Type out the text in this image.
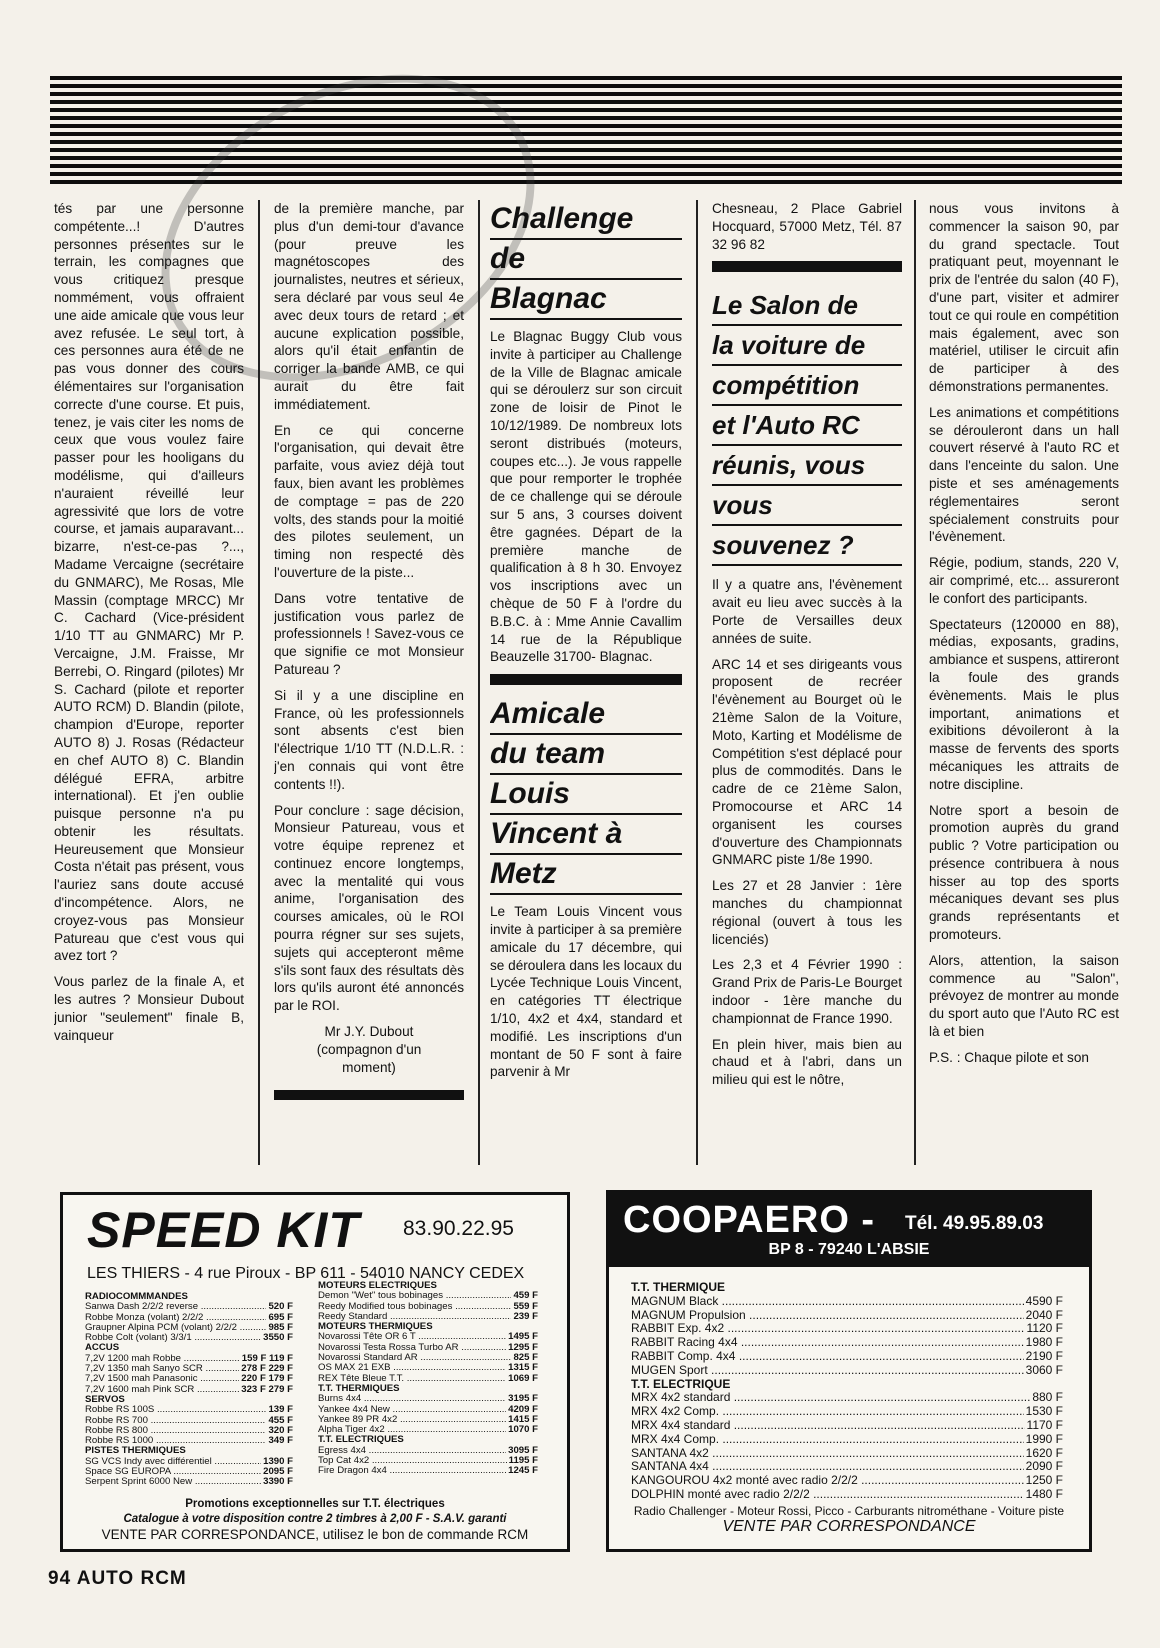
tés par une personne compétente...! D'autres personnes présentes sur le terrain, les compagnes que vous critiquez presque nommément, vous offraient une aide amicale que vous leur avez refusée. Le seul tort, à ces personnes aura été de ne pas vous donner des cours élémentaires sur l'organisation correcte d'une course. Et puis, tenez, je vais citer les noms de ceux que vous voulez faire passer pour les hooligans du modélisme, qui d'ailleurs n'auraient réveillé leur agressivité que lors de votre course, et jamais auparavant... bizarre, n'est-ce-pas ?..., Madame Vercaigne (secrétaire du GNMARC), Me Rosas, Mle Massin (comptage MRCC) Mr C. Cachard (Vice-président 1/10 TT au GNMARC) Mr P. Vercaigne, J.M. Fraisse, Mr Berrebi, O. Ringard (pilotes) Mr S. Cachard (pilote et reporter AUTO RCM) D. Blandin (pilote, champion d'Europe, reporter AUTO 8) J. Rosas (Rédacteur en chef AUTO 8) C. Blandin délégué EFRA, arbitre international). Et j'en oublie puisque personne n'a pu obtenir les résultats. Heureusement que Monsieur Costa n'était pas présent, vous l'auriez sans doute accusé d'incompétence. Alors, ne croyez-vous pas Monsieur Patureau que c'est vous qui avez tort ?

Vous parlez de la finale A, et les autres ? Monsieur Dubout junior "seulement" finale B, vainqueur

de la première manche, par plus d'un demi-tour d'avance (pour preuve les magnétoscopes des journalistes, neutres et sérieux, sera déclaré par vous seul 4e avec deux tours de retard ; et aucune explication possible, alors qu'il était enfantin de corriger la bande AMB, ce qui aurait du être fait immédiatement.

En ce qui concerne l'organisation, qui devait être parfaite, vous aviez déjà tout faux, bien avant les problèmes de comptage = pas de 220 volts, des stands pour la moitié des pilotes seulement, un timing non respecté dès l'ouverture de la piste...

Dans votre tentative de justification vous parlez de professionnels ! Savez-vous ce que signifie ce mot Monsieur Patureau ?

Si il y a une discipline en France, où les professionnels sont absents c'est bien l'électrique 1/10 TT (N.D.L.R. : j'en connais qui vont être contents !!).

Pour conclure : sage décision, Monsieur Patureau, vous et votre équipe reprenez et continuez encore longtemps, avec la mentalité qui vous anime, l'organisation des courses amicales, où le ROI pourra régner sur ses sujets, sujets qui accepteront même s'ils sont faux des résultats dès lors qu'ils auront été annoncés par le ROI.

Mr J.Y. Dubout
(compagnon d'un
moment)
Challenge
de
Blagnac

Le Blagnac Buggy Club vous invite à participer au Challenge de la Ville de Blagnac amicale qui se déroulerz sur son circuit zone de loisir de Pinot le 10/12/1989. De nombreux lots seront distribués (moteurs, coupes etc...). Je vous rappelle que pour remporter le trophée de ce challenge qui se déroule sur 5 ans, 3 courses doivent être gagnées. Départ de la première manche de qualification à 8 h 30. Envoyez vos inscriptions avec un chèque de 50 F à l'ordre du B.B.C. à : Mme Annie Cavallim 14 rue de la République Beauzelle 31700- Blagnac.

Amicale
du team
Louis
Vincent à
Metz

Le Team Louis Vincent vous invite à participer à sa première amicale du 17 décembre, qui se déroulera dans les locaux du Lycée Technique Louis Vincent, en catégories TT électrique 1/10, 4x2 et 4x4, standard et modifié. Les inscriptions d'un montant de 50 F sont à faire parvenir à Mr

Chesneau, 2 Place Gabriel Hocquard, 57000 Metz, Tél. 87 32 96 82

Le Salon de
la voiture de
compétition
et l'Auto RC
réunis, vous
vous
souvenez ?

Il y a quatre ans, l'évènement avait eu lieu avec succès à la Porte de Versailles deux années de suite.

ARC 14 et ses dirigeants vous proposent de recréer l'évènement au Bourget où le 21ème Salon de la Voiture, Moto, Karting et Modélisme de Compétition s'est déplacé pour plus de commodités. Dans le cadre de ce 21ème Salon, Promocourse et ARC 14 organisent les courses d'ouverture des Championnats GNMARC piste 1/8e 1990.

Les 27 et 28 Janvier : 1ère manches du championnat régional (ouvert à tous les licenciés)

Les 2,3 et 4 Février 1990 : Grand Prix de Paris-Le Bourget indoor - 1ère manche du championnat de France 1990.

En plein hiver, mais bien au chaud et à l'abri, dans un milieu qui est le nôtre,

nous vous invitons à commencer la saison 90, par du grand spectacle. Tout pratiquant peut, moyennant le prix de l'entrée du salon (40 F), d'une part, visiter et admirer tout ce qui roule en compétition mais également, avec son matériel, utiliser le circuit afin de participer à des démonstrations permanentes.

Les animations et compétitions se dérouleront dans un hall couvert réservé à l'auto RC et dans l'enceinte du salon. Une piste et ses aménagements réglementaires seront spécialement construits pour l'évènement.

Régie, podium, stands, 220 V, air comprimé, etc... assureront le confort des participants.

Spectateurs (120000 en 88), médias, exposants, gradins, ambiance et suspens, attireront la foule des grands évènements. Mais le plus important, animations et exibitions dévoileront à la masse de fervents des sports mécaniques les attraits de notre discipline.

Notre sport a besoin de promotion auprès du grand public ? Votre participation ou présence contribuera à nous hisser au top des sports mécaniques devant ses plus grands représentants et promoteurs.

Alors, attention, la saison commence au "Salon", prévoyez de montrer au monde du sport auto que l'Auto RC est là et bien

P.S. : Chaque pilote et son

SPEED KIT 83.90.22.95
LES THIERS - 4 rue Piroux - BP 611 - 54010 NANCY CEDEX
RADIOCOMMMANDES
Sanwa Dash 2/2/2 reverse .....	520 F
Robbe Monza (volant) 2/2/2 .....	695 F
Graupner Alpina PCM (volant) 2/2/2 .....	985 F
Robbe Colt (volant) 3/3/1 .....	3550 F
ACCUS
7,2V 1200 mah Robbe .....	159 F 119 F
7,2V 1350 mah Sanyo SCR .....	278 F 229 F
7,2V 1500 mah Panasonic .....	220 F 179 F
7,2V 1600 mah Pink SCR .....	323 F 279 F
SERVOS
Robbe RS 100S .....	139 F
Robbe RS 700 .....	455 F
Robbe RS 800 .....	320 F
Robbe RS 1000 .....	349 F
PISTES THERMIQUES
SG VCS Indy avec différentiel .....	1390 F
Space SG EUROPA .....	2095 F
Serpent Sprint 6000 New .....	3390 F
MOTEURS ELECTRIQUES
Demon "Wet" tous bobinages .....	459 F
Reedy Modified tous bobinages .....	559 F
Reedy Standard .....	239 F
MOTEURS THERMIQUES
Novarossi Tête OR 6 T .....	1495 F
Novarossi Testa Rossa Turbo AR .....	1295 F
Novarossi Standard AR .....	825 F
OS MAX 21 EXB .....	1315 F
REX Tête Bleue T.T. .....	1069 F
T.T. THERMIQUES
Burns 4x4 .....	3195 F
Yankee 4x4 New .....	4209 F
Yankee 89 PR 4x2 .....	1415 F
Alpha Tiger 4x2 .....	1070 F
T.T. ELECTRIQUES
Egress 4x4 .....	3095 F
Top Cat 4x2 .....	1195 F
Fire Dragon 4x4 .....	1245 F
Promotions exceptionnelles sur T.T. électriques
Catalogue à votre disposition contre 2 timbres à 2,00 F - S.A.V. garanti
VENTE PAR CORRESPONDANCE, utilisez le bon de commande RCM
COOPAERO - Tél. 49.95.89.03
BP 8 - 79240 L'ABSIE
T.T. THERMIQUE
MAGNUM Black .....	4590 F
MAGNUM Propulsion .....	2040 F
RABBIT Exp. 4x2 .....	1120 F
RABBIT Racing 4x4 .....	1980 F
RABBIT Comp. 4x4 .....	2190 F
MUGEN Sport .....	3060 F
T.T. ELECTRIQUE
MRX 4x2 standard .....	880 F
MRX 4x2 Comp. .....	1530 F
MRX 4x4 standard .....	1170 F
MRX 4x4 Comp. .....	1990 F
SANTANA 4x2 .....	1620 F
SANTANA 4x4 .....	2090 F
KANGOUROU 4x2 monté avec radio 2/2/2 .....	1250 F
DOLPHIN monté avec radio 2/2/2 .....	1480 F
Radio Challenger - Moteur Rossi, Picco - Carburants nitrométhane - Voiture piste
VENTE PAR CORRESPONDANCE
94 AUTO RCM
